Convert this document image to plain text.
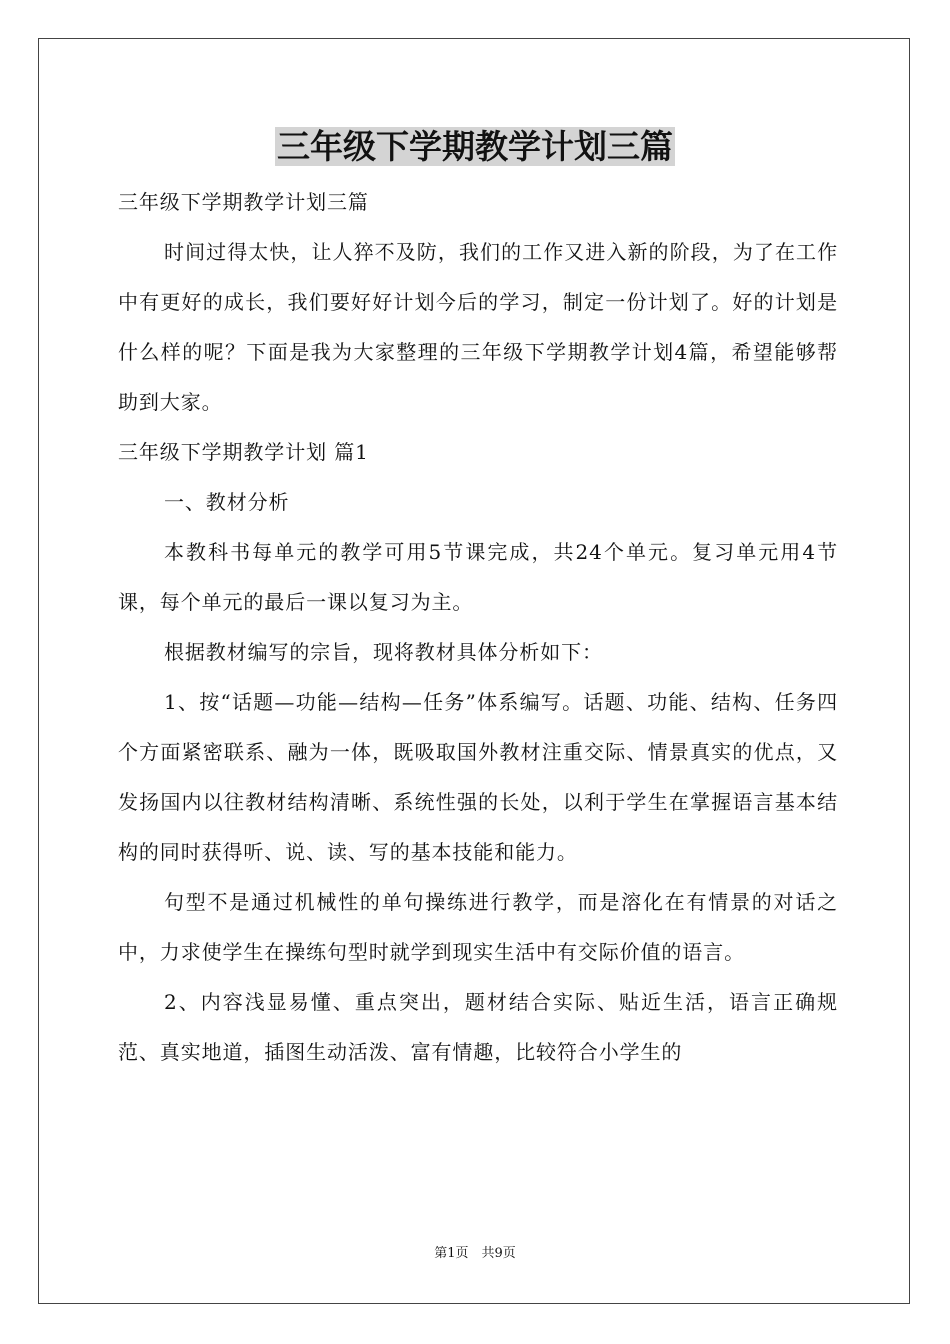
三年级下学期教学计划三篇

三年级下学期教学计划三篇

时间过得太快，让人猝不及防，我们的工作又进入新的阶段，为了在工作中有更好的成长，我们要好好计划今后的学习，制定一份计划了。好的计划是什么样的呢？下面是我为大家整理的三年级下学期教学计划4篇，希望能够帮助到大家。

三年级下学期教学计划 篇1

一、教材分析

本教科书每单元的教学可用5节课完成，共24个单元。复习单元用4节课，每个单元的最后一课以复习为主。

根据教材编写的宗旨，现将教材具体分析如下：

1、按“话题—功能—结构—任务”体系编写。话题、功能、结构、任务四个方面紧密联系、融为一体，既吸取国外教材注重交际、情景真实的优点，又发扬国内以往教材结构清晰、系统性强的长处，以利于学生在掌握语言基本结构的同时获得听、说、读、写的基本技能和能力。

句型不是通过机械性的单句操练进行教学，而是溶化在有情景的对话之中，力求使学生在操练句型时就学到现实生活中有交际价值的语言。

2、内容浅显易懂、重点突出，题材结合实际、贴近生活，语言正确规范、真实地道，插图生动活泼、富有情趣，比较符合小学生的

第1页　共9页
